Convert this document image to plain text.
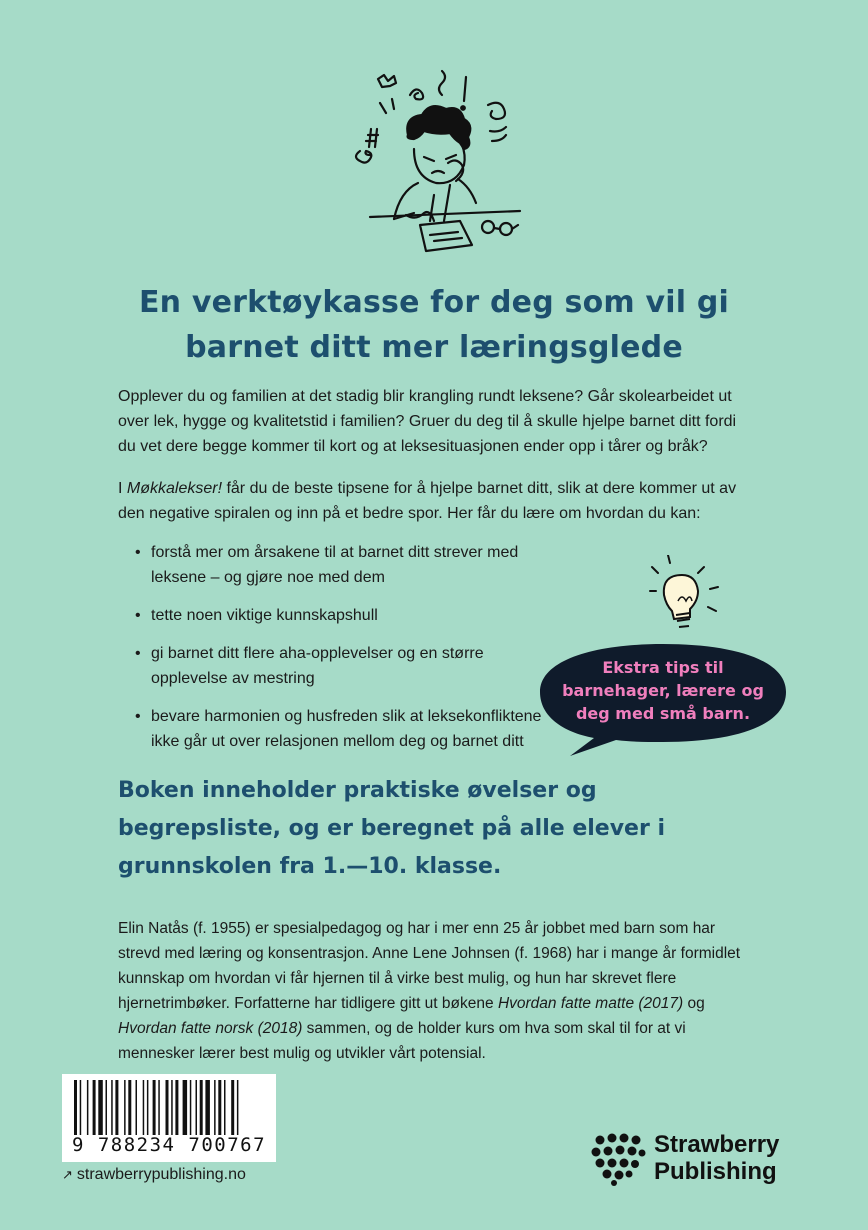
En verktøykasse for deg som vil gi
barnet ditt mer læringsglede
Opplever du og familien at det stadig blir krangling rundt leksene? Går skolearbeidet ut over lek, hygge og kvalitetstid i familien? Gruer du deg til å skulle hjelpe barnet ditt fordi du vet dere begge kommer til kort og at leksesituasjonen ender opp i tårer og bråk?
I Møkkalekser! får du de beste tipsene for å hjelpe barnet ditt, slik at dere kommer ut av den negative spiralen og inn på et bedre spor. Her får du lære om hvordan du kan:
• forstå mer om årsakene til at barnet ditt strever med leksene – og gjøre noe med dem
• tette noen viktige kunnskapshull
• gi barnet ditt flere aha-opplevelser og en større opplevelse av mestring
• bevare harmonien og husfreden slik at leksekonfliktene ikke går ut over relasjonen mellom deg og barnet ditt
Ekstra tips til
barnehager, lærere og
deg med små barn.
Boken inneholder praktiske øvelser og begrepsliste, og er beregnet på alle elever i grunnskolen fra 1.—10. klasse.
Elin Natås (f. 1955) er spesialpedagog og har i mer enn 25 år jobbet med barn som har strevd med læring og konsentrasjon. Anne Lene Johnsen (f. 1968) har i mange år formidlet kunnskap om hvordan vi får hjernen til å virke best mulig, og hun har skrevet flere hjernetrimbøker. Forfatterne har tidligere gitt ut bøkene Hvordan fatte matte (2017) og Hvordan fatte norsk (2018) sammen, og de holder kurs om hva som skal til for at vi mennesker lærer best mulig og utvikler vårt potensial.
9 788234 700767
↗ strawberrypublishing.no
Strawberry
Publishing
